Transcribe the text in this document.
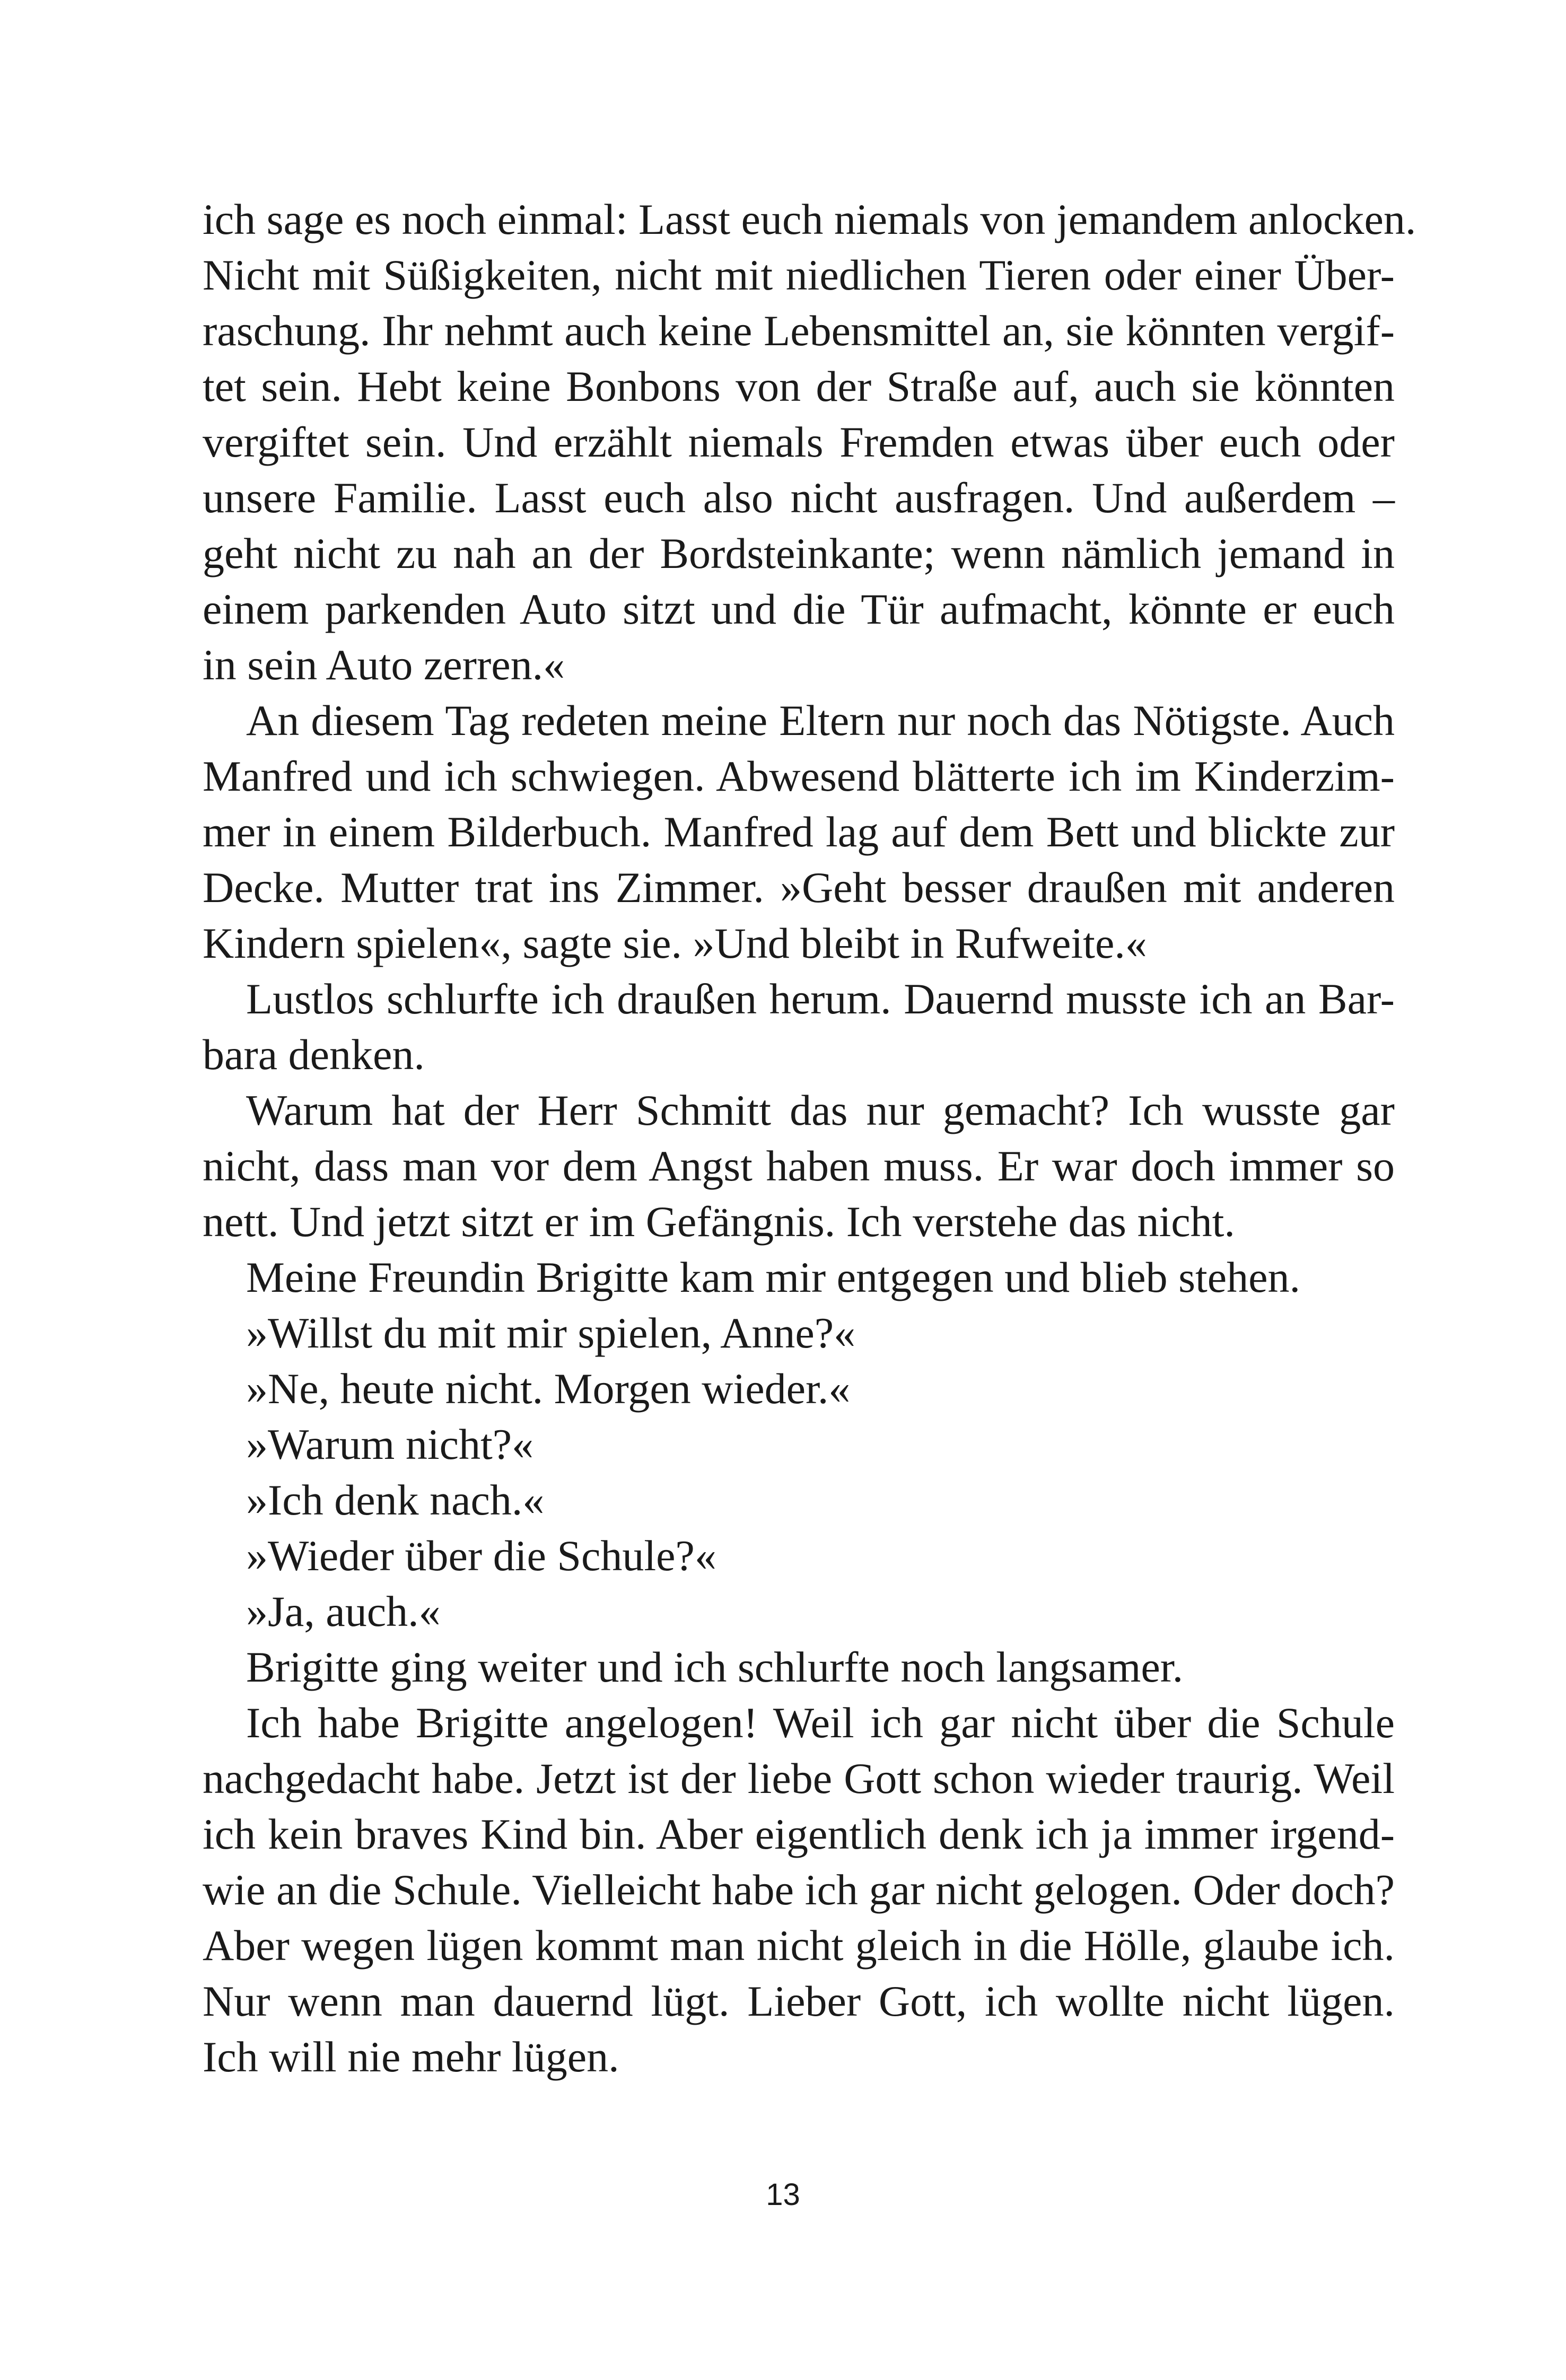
ich sage es noch einmal: Lasst euch niemals von jemandem anlocken.
Nicht mit Süßigkeiten, nicht mit niedlichen Tieren oder einer Über-
raschung. Ihr nehmt auch keine Lebensmittel an, sie könnten vergif-
tet sein. Hebt keine Bonbons von der Straße auf, auch sie könnten
vergiftet sein. Und erzählt niemals Fremden etwas über euch oder
unsere Familie. Lasst euch also nicht ausfragen. Und außerdem –
geht nicht zu nah an der Bordsteinkante; wenn nämlich jemand in
einem parkenden Auto sitzt und die Tür aufmacht, könnte er euch
in sein Auto zerren.«
An diesem Tag redeten meine Eltern nur noch das Nötigste. Auch
Manfred und ich schwiegen. Abwesend blätterte ich im Kinderzim-
mer in einem Bilderbuch. Manfred lag auf dem Bett und blickte zur
Decke. Mutter trat ins Zimmer. »Geht besser draußen mit anderen
Kindern spielen«, sagte sie. »Und bleibt in Rufweite.«
Lustlos schlurfte ich draußen herum. Dauernd musste ich an Bar-
bara denken.
Warum hat der Herr Schmitt das nur gemacht? Ich wusste gar
nicht, dass man vor dem Angst haben muss. Er war doch immer so
nett. Und jetzt sitzt er im Gefängnis. Ich verstehe das nicht.
Meine Freundin Brigitte kam mir entgegen und blieb stehen.
»Willst du mit mir spielen, Anne?«
»Ne, heute nicht. Morgen wieder.«
»Warum nicht?«
»Ich denk nach.«
»Wieder über die Schule?«
»Ja, auch.«
Brigitte ging weiter und ich schlurfte noch langsamer.
Ich habe Brigitte angelogen! Weil ich gar nicht über die Schule
nachgedacht habe. Jetzt ist der liebe Gott schon wieder traurig. Weil
ich kein braves Kind bin. Aber eigentlich denk ich ja immer irgend-
wie an die Schule. Vielleicht habe ich gar nicht gelogen. Oder doch?
Aber wegen lügen kommt man nicht gleich in die Hölle, glaube ich.
Nur wenn man dauernd lügt. Lieber Gott, ich wollte nicht lügen.
Ich will nie mehr lügen.
13
